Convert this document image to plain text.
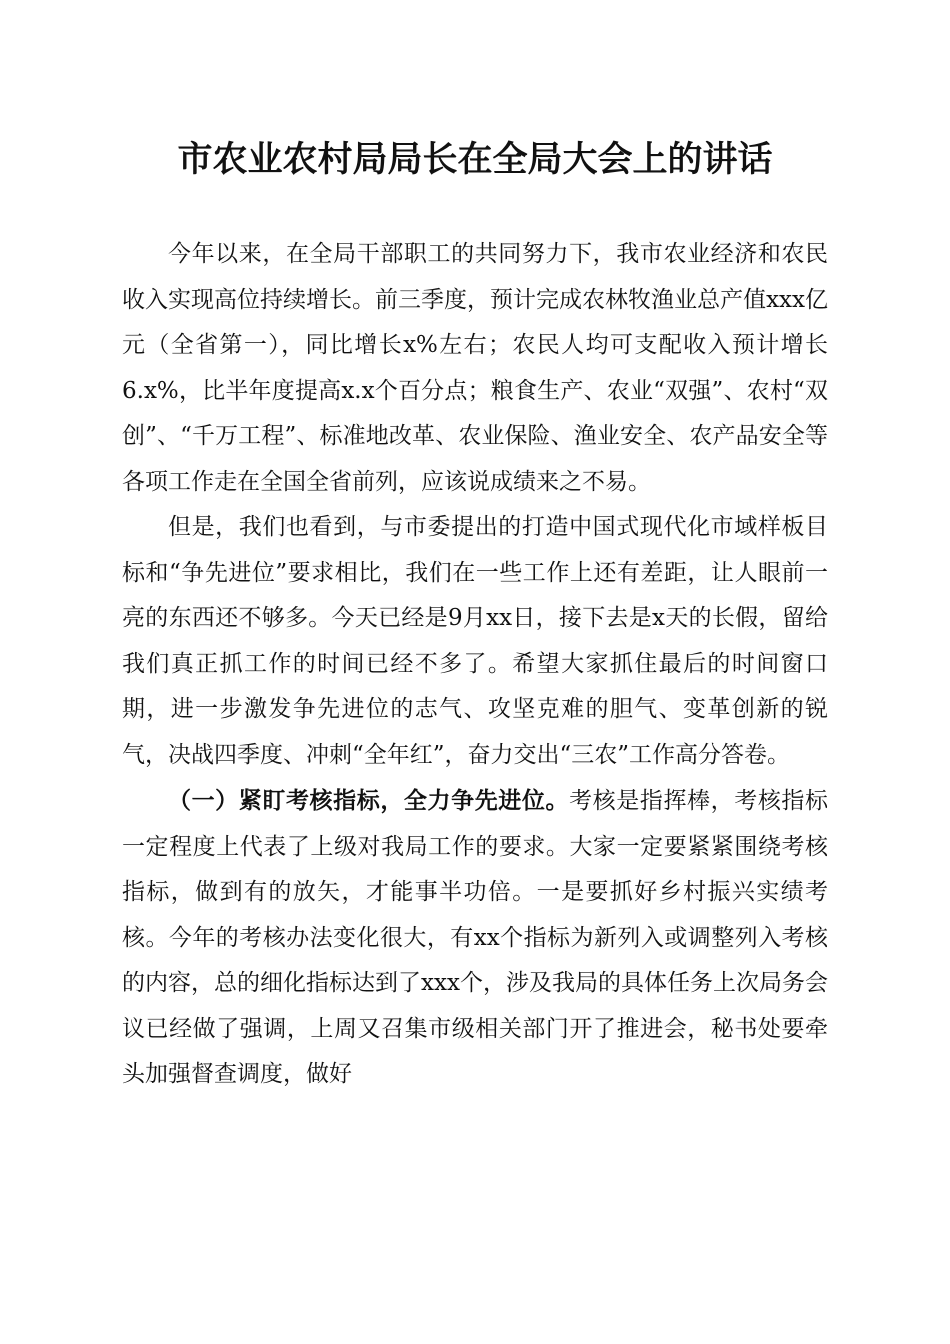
市农业农村局局长在全局大会上的讲话

今年以来，在全局干部职工的共同努力下，我市农业经济和农民收入实现高位持续增长。前三季度，预计完成农林牧渔业总产值xxx亿元（全省第一），同比增长x%左右；农民人均可支配收入预计增长6.x%，比半年度提高x.x个百分点；粮食生产、农业“双强”、农村“双创”、“千万工程”、标准地改革、农业保险、渔业安全、农产品安全等各项工作走在全国全省前列，应该说成绩来之不易。

但是，我们也看到，与市委提出的打造中国式现代化市域样板目标和“争先进位”要求相比，我们在一些工作上还有差距，让人眼前一亮的东西还不够多。今天已经是9月xx日，接下去是x天的长假，留给我们真正抓工作的时间已经不多了。希望大家抓住最后的时间窗口期，进一步激发争先进位的志气、攻坚克难的胆气、变革创新的锐气，决战四季度、冲刺“全年红”，奋力交出“三农”工作高分答卷。

（一）紧盯考核指标，全力争先进位。考核是指挥棒，考核指标一定程度上代表了上级对我局工作的要求。大家一定要紧紧围绕考核指标，做到有的放矢，才能事半功倍。一是要抓好乡村振兴实绩考核。今年的考核办法变化很大，有xx个指标为新列入或调整列入考核的内容，总的细化指标达到了xxx个，涉及我局的具体任务上次局务会议已经做了强调，上周又召集市级相关部门开了推进会，秘书处要牵头加强督查调度，做好
